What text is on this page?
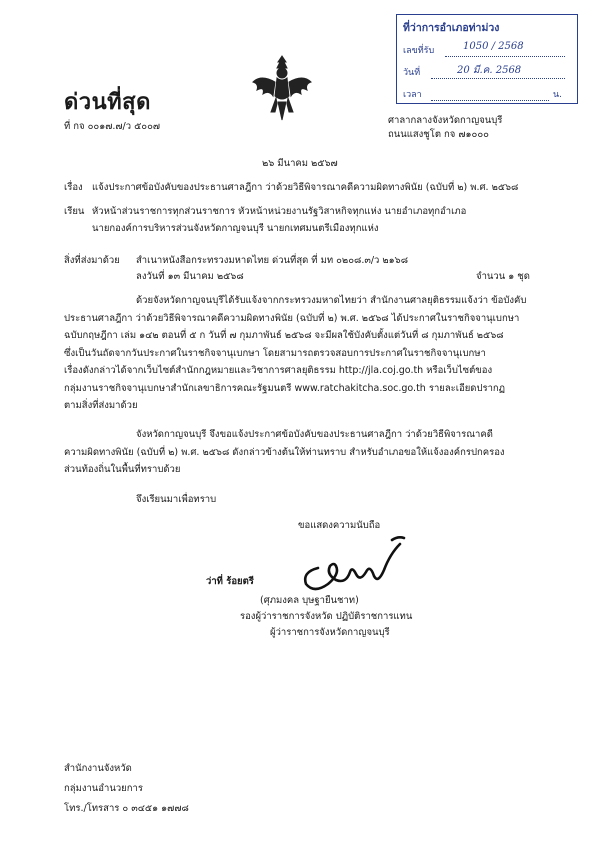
ที่ว่าการอำเภอท่าม่วง
เลขที่รับ	1050 / 2568
วันที่	20 มี.ค. 2568
เวลา	น.
ด่วนที่สุด
ที่ กจ ๐๐๑๗.๗/ว ๕๐๐๗
ศาลากลางจังหวัดกาญจนบุรี
ถนนแสงชูโต กจ ๗๑๐๐๐
๒๖ มีนาคม ๒๕๖๗
เรื่อง แจ้งประกาศข้อบังคับของประธานศาลฎีกา ว่าด้วยวิธีพิจารณาคดีความผิดทางพินัย (ฉบับที่ ๒) พ.ศ. ๒๕๖๘
เรียน หัวหน้าส่วนราชการทุกส่วนราชการ หัวหน้าหน่วยงานรัฐวิสาหกิจทุกแห่ง นายอำเภอทุกอำเภอ
นายกองค์การบริหารส่วนจังหวัดกาญจนบุรี นายกเทศมนตรีเมืองทุกแห่ง
สิ่งที่ส่งมาด้วย สำเนาหนังสือกระทรวงมหาดไทย ด่วนที่สุด ที่ มท ๐๒๐๘.๓/ว ๒๑๖๘
ลงวันที่ ๑๓ มีนาคม ๒๕๖๘	จำนวน ๑ ชุด
ด้วยจังหวัดกาญจนบุรีได้รับแจ้งจากกระทรวงมหาดไทยว่า สำนักงานศาลยุติธรรมแจ้งว่า ข้อบังคับ
ประธานศาลฎีกา ว่าด้วยวิธีพิจารณาคดีความผิดทางพินัย (ฉบับที่ ๒) พ.ศ. ๒๕๖๘ ได้ประกาศในราชกิจจานุเบกษา
ฉบับกฤษฎีกา เล่ม ๑๔๒ ตอนที่ ๕ ก วันที่ ๗ กุมภาพันธ์ ๒๕๖๘ จะมีผลใช้บังคับตั้งแต่วันที่ ๘ กุมภาพันธ์ ๒๕๖๘
ซึ่งเป็นวันถัดจากวันประกาศในราชกิจจานุเบกษา โดยสามารถตรวจสอบการประกาศในราชกิจจานุเบกษา
เรื่องดังกล่าวได้จากเว็บไซต์สำนักกฎหมายและวิชาการศาลยุติธรรม http://jla.coj.go.th หรือเว็บไซต์ของ
กลุ่มงานราชกิจจานุเบกษาสำนักเลขาธิการคณะรัฐมนตรี www.ratchakitcha.soc.go.th รายละเอียดปรากฏ
ตามสิ่งที่ส่งมาด้วย
จังหวัดกาญจนบุรี จึงขอแจ้งประกาศข้อบังคับของประธานศาลฎีกา ว่าด้วยวิธีพิจารณาคดี
ความผิดทางพินัย (ฉบับที่ ๒) พ.ศ. ๒๕๖๘ ดังกล่าวข้างต้นให้ท่านทราบ สำหรับอำเภอขอให้แจ้งองค์กรปกครอง
ส่วนท้องถิ่นในพื้นที่ทราบด้วย
จึงเรียนมาเพื่อทราบ
ขอแสดงความนับถือ
ว่าที่ ร้อยตรี
(ศุภมงคล บุษฐายืนชาท)
รองผู้ว่าราชการจังหวัด ปฏิบัติราชการแทน
ผู้ว่าราชการจังหวัดกาญจนบุรี
สำนักงานจังหวัด
กลุ่มงานอำนวยการ
โทร./โทรสาร ๐ ๓๔๕๑ ๑๗๗๘
